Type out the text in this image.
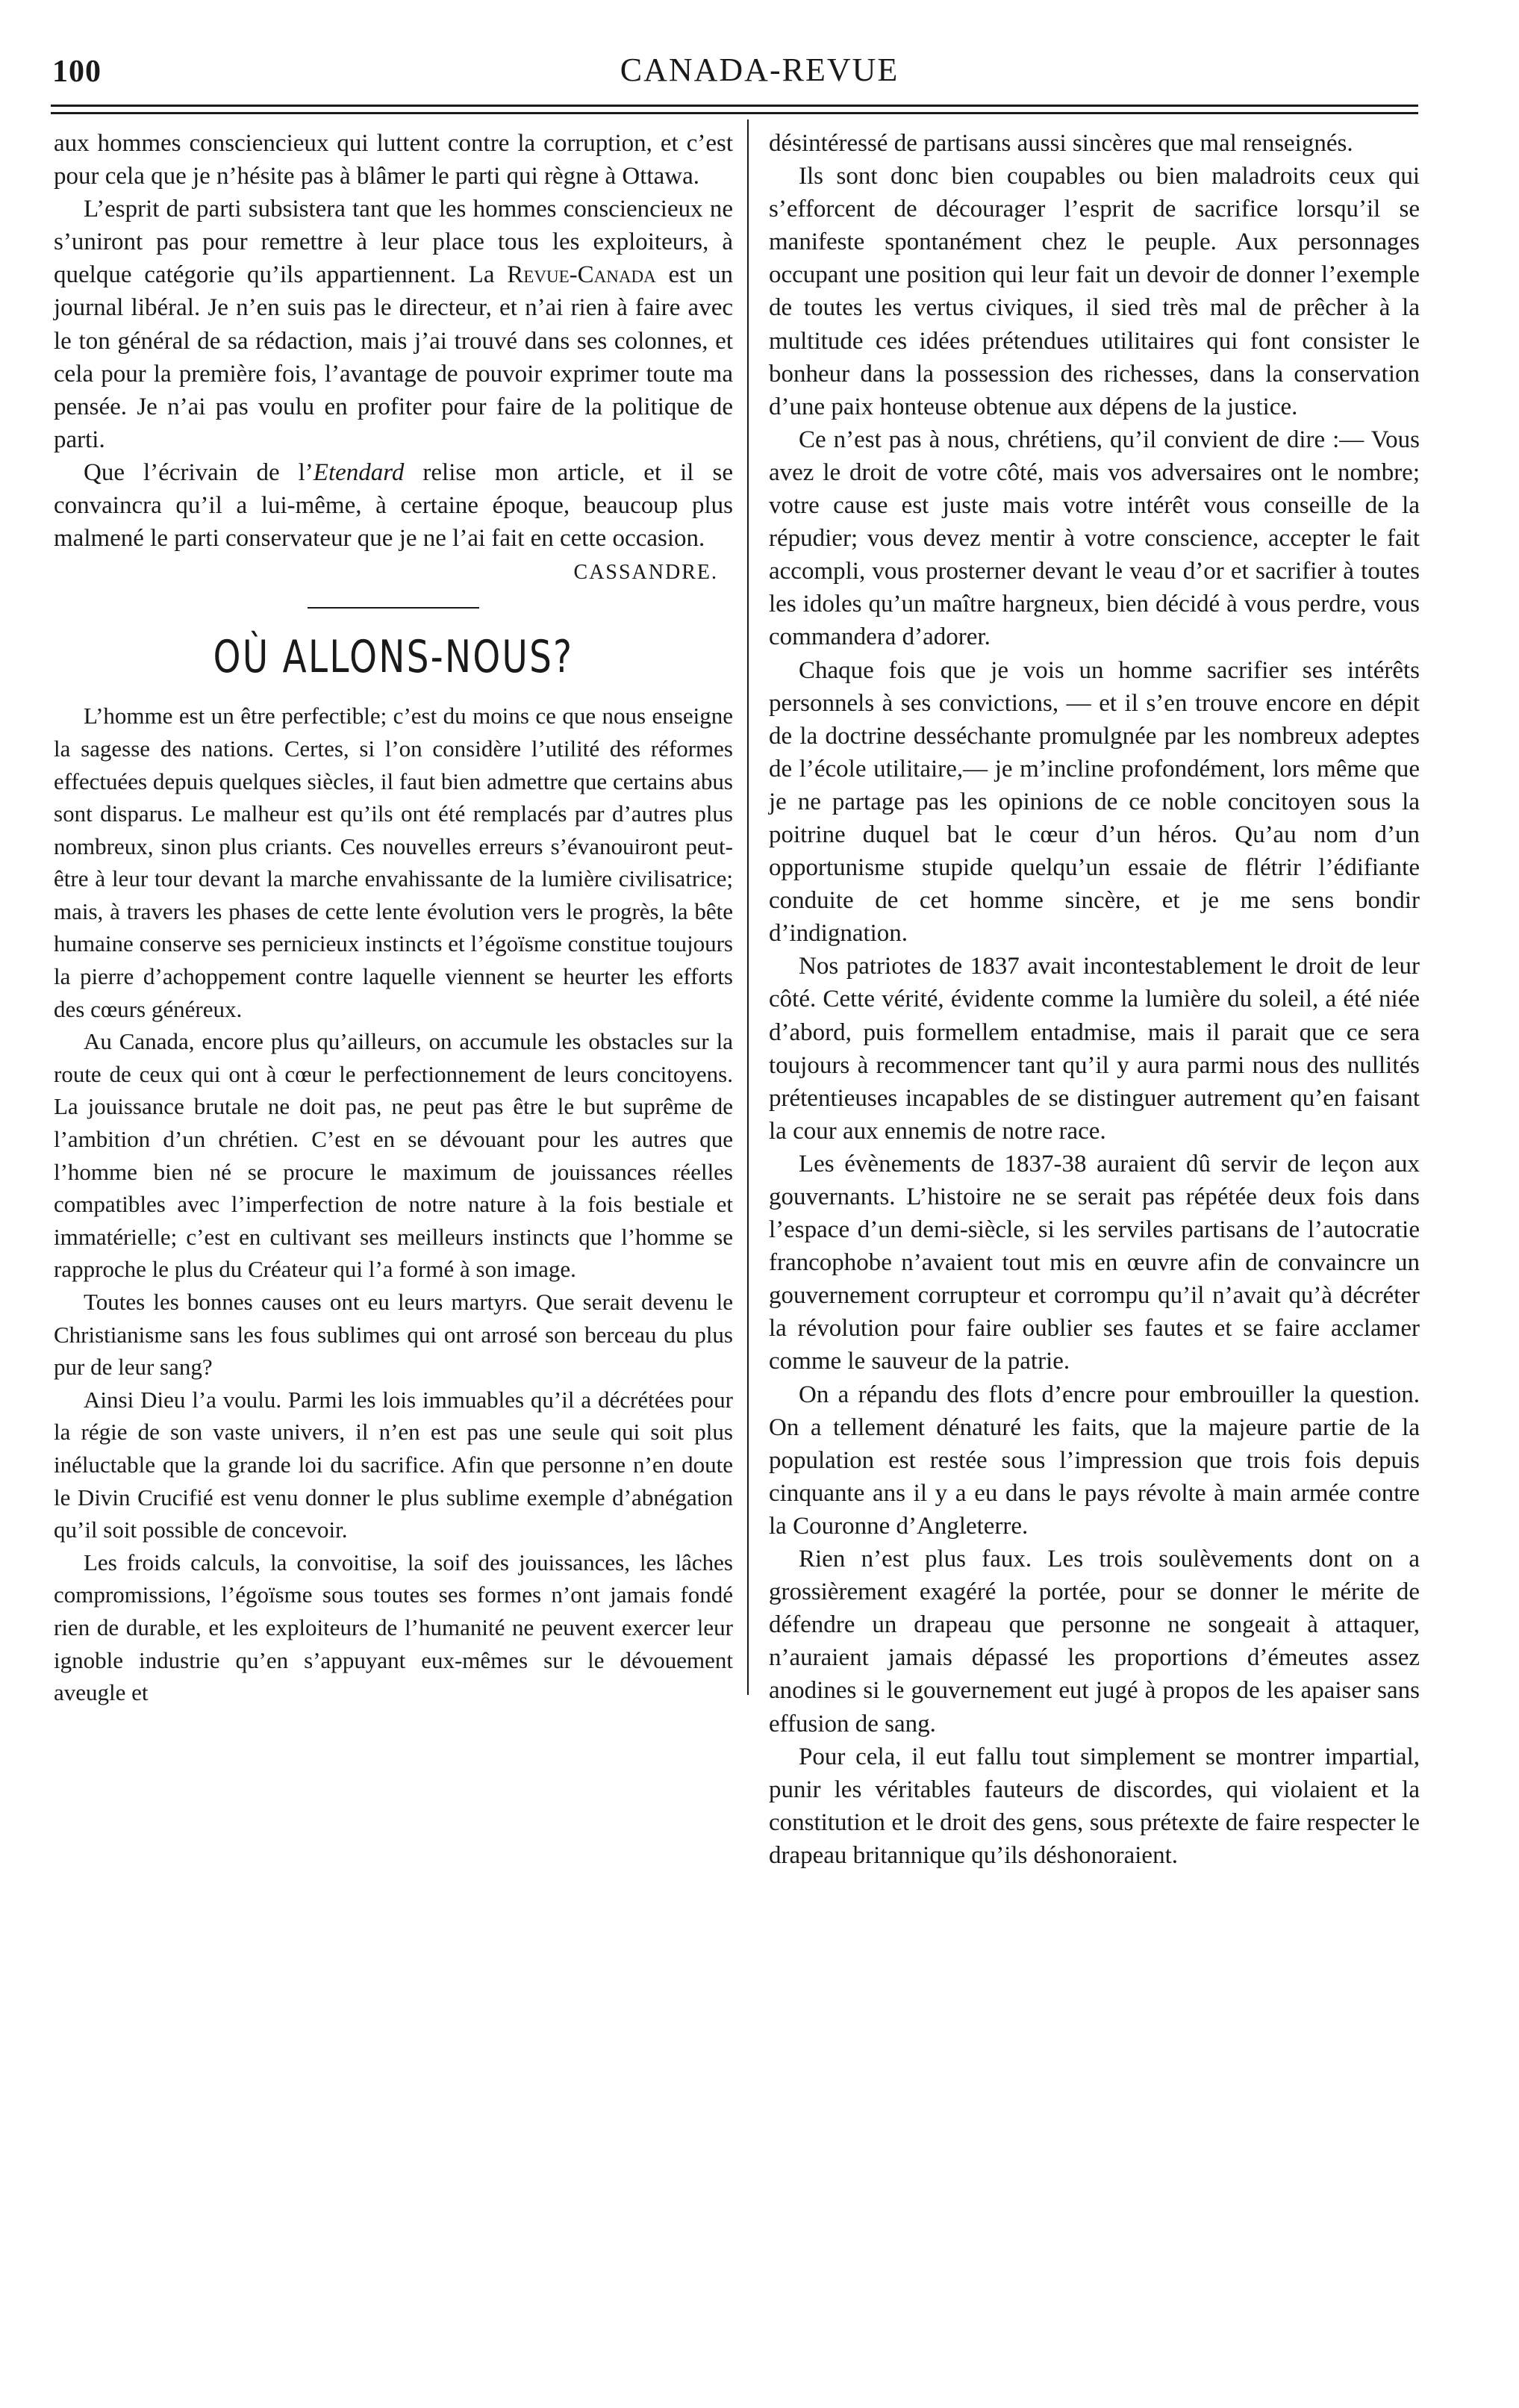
100	CANADA-REVUE

aux hommes consciencieux qui luttent contre la corruption, et c’est pour cela que je n’hésite pas à blâmer le parti qui règne à Ottawa.

L’esprit de parti subsistera tant que les hommes consciencieux ne s’uniront pas pour remettre à leur place tous les exploiteurs, à quelque catégorie qu’ils appartiennent. La Revue-Canada est un journal libéral. Je n’en suis pas le directeur, et n’ai rien à faire avec le ton général de sa rédaction, mais j’ai trouvé dans ses colonnes, et cela pour la première fois, l’avantage de pouvoir exprimer toute ma pensée. Je n’ai pas voulu en profiter pour faire de la politique de parti.

Que l’écrivain de l’Etendard relise mon article, et il se convaincra qu’il a lui-même, à certaine époque, beaucoup plus malmené le parti conservateur que je ne l’ai fait en cette occasion.

CASSANDRE.
OÙ ALLONS-NOUS?

L’homme est un être perfectible; c’est du moins ce que nous enseigne la sagesse des nations. Certes, si l’on considère l’utilité des réformes effectuées depuis quelques siècles, il faut bien admettre que certains abus sont disparus. Le malheur est qu’ils ont été remplacés par d’autres plus nombreux, sinon plus criants. Ces nouvelles erreurs s’évanouiront peut-être à leur tour devant la marche envahissante de la lumière civilisatrice; mais, à travers les phases de cette lente évolution vers le progrès, la bête humaine conserve ses pernicieux instincts et l’égoïsme constitue toujours la pierre d’achoppement contre laquelle viennent se heurter les efforts des cœurs généreux.

Au Canada, encore plus qu’ailleurs, on accumule les obstacles sur la route de ceux qui ont à cœur le perfectionnement de leurs concitoyens. La jouissance brutale ne doit pas, ne peut pas être le but suprême de l’ambition d’un chrétien. C’est en se dévouant pour les autres que l’homme bien né se procure le maximum de jouissances réelles compatibles avec l’imperfection de notre nature à la fois bestiale et immatérielle; c’est en cultivant ses meilleurs instincts que l’homme se rapproche le plus du Créateur qui l’a formé à son image.

Toutes les bonnes causes ont eu leurs martyrs. Que serait devenu le Christianisme sans les fous sublimes qui ont arrosé son berceau du plus pur de leur sang?

Ainsi Dieu l’a voulu. Parmi les lois immuables qu’il a décrétées pour la régie de son vaste univers, il n’en est pas une seule qui soit plus inéluctable que la grande loi du sacrifice. Afin que personne n’en doute le Divin Crucifié est venu donner le plus sublime exemple d’abnégation qu’il soit possible de concevoir.

Les froids calculs, la convoitise, la soif des jouissances, les lâches compromissions, l’égoïsme sous toutes ses formes n’ont jamais fondé rien de durable, et les exploiteurs de l’humanité ne peuvent exercer leur ignoble industrie qu’en s’appuyant eux-mêmes sur le dévouement aveugle et

désintéressé de partisans aussi sincères que mal renseignés.

Ils sont donc bien coupables ou bien maladroits ceux qui s’efforcent de décourager l’esprit de sacrifice lorsqu’il se manifeste spontanément chez le peuple. Aux personnages occupant une position qui leur fait un devoir de donner l’exemple de toutes les vertus civiques, il sied très mal de prêcher à la multitude ces idées prétendues utilitaires qui font consister le bonheur dans la possession des richesses, dans la conservation d’une paix honteuse obtenue aux dépens de la justice.

Ce n’est pas à nous, chrétiens, qu’il convient de dire :— Vous avez le droit de votre côté, mais vos adversaires ont le nombre; votre cause est juste mais votre intérêt vous conseille de la répudier; vous devez mentir à votre conscience, accepter le fait accompli, vous prosterner devant le veau d’or et sacrifier à toutes les idoles qu’un maître hargneux, bien décidé à vous perdre, vous commandera d’adorer.

Chaque fois que je vois un homme sacrifier ses intérêts personnels à ses convictions, — et il s’en trouve encore en dépit de la doctrine desséchante promulgnée par les nombreux adeptes de l’école utilitaire,— je m’incline profondément, lors même que je ne partage pas les opinions de ce noble concitoyen sous la poitrine duquel bat le cœur d’un héros. Qu’au nom d’un opportunisme stupide quelqu’un essaie de flétrir l’édifiante conduite de cet homme sincère, et je me sens bondir d’indignation.

Nos patriotes de 1837 avait incontestablement le droit de leur côté. Cette vérité, évidente comme la lumière du soleil, a été niée d’abord, puis formellem entadmise, mais il parait que ce sera toujours à recommencer tant qu’il y aura parmi nous des nullités prétentieuses incapables de se distinguer autrement qu’en faisant la cour aux ennemis de notre race.

Les évènements de 1837-38 auraient dû servir de leçon aux gouvernants. L’histoire ne se serait pas répétée deux fois dans l’espace d’un demi-siècle, si les serviles partisans de l’autocratie francophobe n’avaient tout mis en œuvre afin de convaincre un gouvernement corrupteur et corrompu qu’il n’avait qu’à décréter la révolution pour faire oublier ses fautes et se faire acclamer comme le sauveur de la patrie.

On a répandu des flots d’encre pour embrouiller la question. On a tellement dénaturé les faits, que la majeure partie de la population est restée sous l’impression que trois fois depuis cinquante ans il y a eu dans le pays révolte à main armée contre la Couronne d’Angleterre.

Rien n’est plus faux. Les trois soulèvements dont on a grossièrement exagéré la portée, pour se donner le mérite de défendre un drapeau que personne ne songeait à attaquer, n’auraient jamais dépassé les proportions d’émeutes assez anodines si le gouvernement eut jugé à propos de les apaiser sans effusion de sang.

Pour cela, il eut fallu tout simplement se montrer impartial, punir les véritables fauteurs de discordes, qui violaient et la constitution et le droit des gens, sous prétexte de faire respecter le drapeau britannique qu’ils déshonoraient.
